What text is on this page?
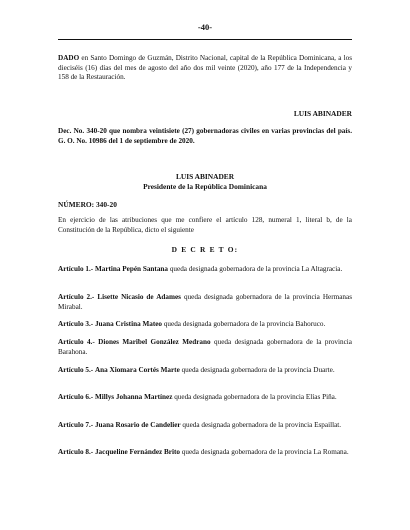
-40-
DADO en Santo Domingo de Guzmán, Distrito Nacional, capital de la República Dominicana, a los dieciséis (16) días del mes de agosto del año dos mil veinte (2020), año 177 de la Independencia y 158 de la Restauración.
LUIS ABINADER
Dec. No. 340-20 que nombra veintisiete (27) gobernadoras civiles en varias provincias del país. G. O. No. 10986 del 1 de septiembre de 2020.
LUIS ABINADER
Presidente de la República Dominicana
NÚMERO: 340-20
En ejercicio de las atribuciones que me confiere el artículo 128, numeral 1, literal b, de la Constitución de la República, dicto el siguiente
D E C R E T O:
Artículo 1.- Martina Pepén Santana queda designada gobernadora de la provincia La Altagracia.
Artículo 2.- Lisette Nicasio de Adames queda designada gobernadora de la provincia Hermanas Mirabal.
Artículo 3.- Juana Cristina Mateo queda designada gobernadora de la provincia Bahoruco.
Artículo 4.- Diones Maribel González Medrano queda designada gobernadora de la provincia Barahona.
Artículo 5.- Ana Xiomara Cortés Marte queda designada gobernadora de la provincia Duarte.
Artículo 6.- Millys Johanna Martínez queda designada gobernadora de la provincia Elías Piña.
Artículo 7.- Juana Rosario de Candelier queda designada gobernadora de la provincia Espaillat.
Artículo 8.- Jacqueline Fernández Brito queda designada gobernadora de la provincia La Romana.
